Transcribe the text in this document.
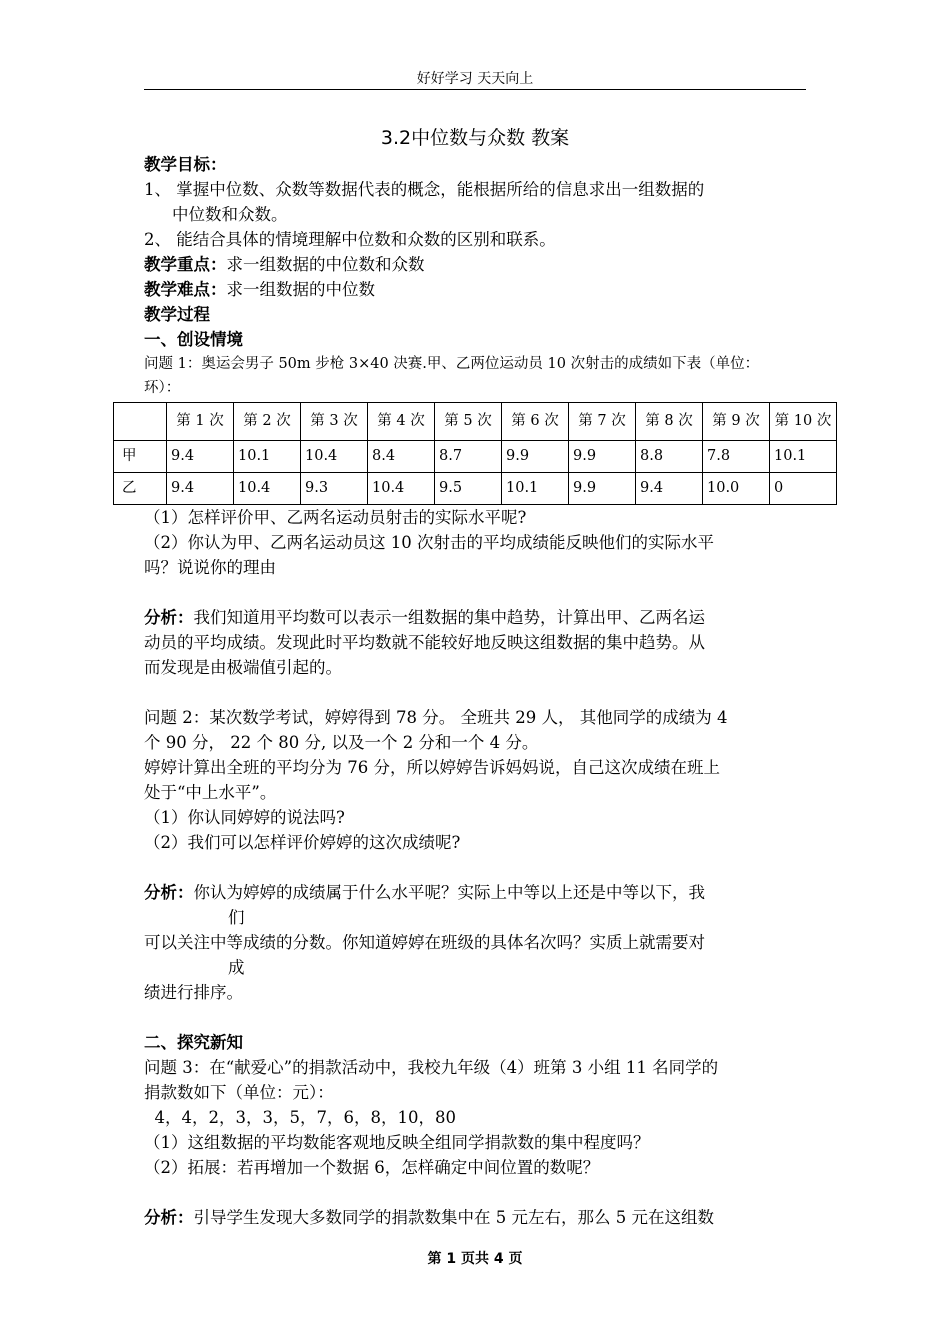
好好学习 天天向上

3.2中位数与众数 教案

教学目标：

1、 掌握中位数、众数等数据代表的概念，能根据所给的信息求出一组数据的

中位数和众数。

2、 能结合具体的情境理解中位数和众数的区别和联系。

教学重点：求一组数据的中位数和众数

教学难点：求一组数据的中位数

教学过程

一、创设情境

问题 1：奥运会男子 50m 步枪 3×40 决赛.甲、乙两位运动员 10 次射击的成绩如下表（单位：

环）：

	第 1 次	第 2 次	第 3 次	第 4 次	第 5 次	第 6 次	第 7 次	第 8 次	第 9 次	第 10 次
甲	9.4	10.1	10.4	8.4	8.7	9.9	9.9	8.8	7.8	10.1
乙	9.4	10.4	9.3	10.4	9.5	10.1	9.9	9.4	10.0	0

（1）怎样评价甲、乙两名运动员射击的实际水平呢?

（2）你认为甲、乙两名运动员这 10 次射击的平均成绩能反映他们的实际水平

吗？说说你的理由

分析：我们知道用平均数可以表示一组数据的集中趋势，计算出甲、乙两名运

动员的平均成绩。发现此时平均数就不能较好地反映这组数据的集中趋势。从

而发现是由极端值引起的。

问题 2：某次数学考试，婷婷得到 78 分。 全班共 29 人， 其他同学的成绩为 4

个 90 分， 22 个 80 分, 以及一个 2 分和一个 4 分。

婷婷计算出全班的平均分为 76 分，所以婷婷告诉妈妈说，自己这次成绩在班上

处于“中上水平”。

（1）你认同婷婷的说法吗?

（2）我们可以怎样评价婷婷的这次成绩呢?

分析：你认为婷婷的成绩属于什么水平呢？实际上中等以上还是中等以下，我

们

可以关注中等成绩的分数。你知道婷婷在班级的具体名次吗？实质上就需要对

成

绩进行排序。

二、探究新知

问题 3：在“献爱心”的捐款活动中，我校九年级（4）班第 3 小组 11 名同学的

捐款数如下（单位：元）：

4，4，2，3，3，5，7，6，8，10，80

（1）这组数据的平均数能客观地反映全组同学捐款数的集中程度吗？

（2）拓展：若再增加一个数据 6，怎样确定中间位置的数呢？

分析：引导学生发现大多数同学的捐款数集中在 5 元左右，那么 5 元在这组数

第 1 页共 4 页
